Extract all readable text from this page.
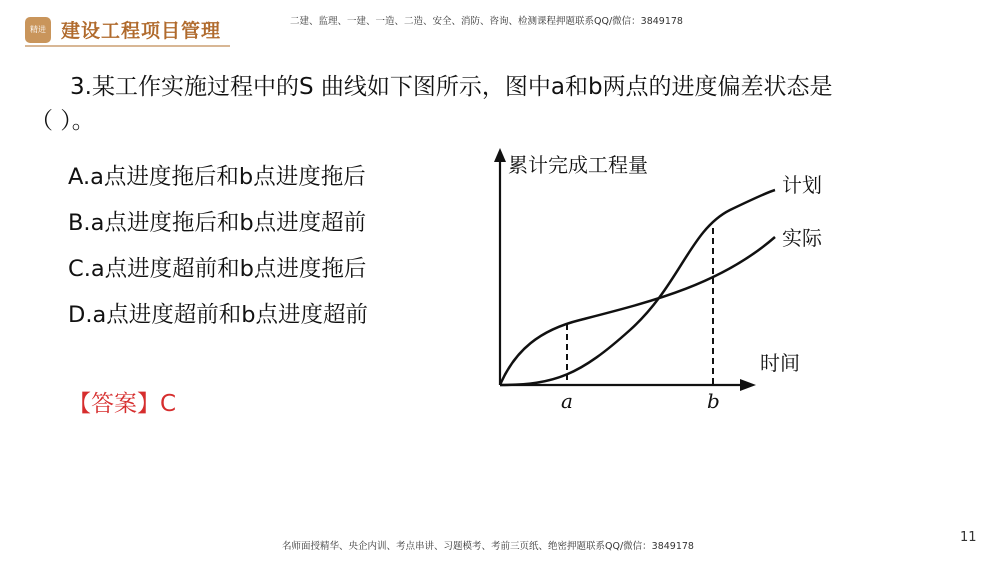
精进 建设工程项目管理	二建、监理、一建、一造、二造、安全、消防、咨询、检测课程押题联系QQ/微信：3849178
3.某工作实施过程中的S 曲线如下图所示，图中a和b两点的进度偏差状态是
（ ）。
A.a点进度拖后和b点进度拖后
B.a点进度拖后和b点进度超前
C.a点进度超前和b点进度拖后
D.a点进度超前和b点进度超前
【答案】C
累计完成工程量
时间
a	b
计划
实际
名师面授精华、央企内训、考点串讲、习题模考、考前三页纸、绝密押题联系QQ/微信：3849178
11
